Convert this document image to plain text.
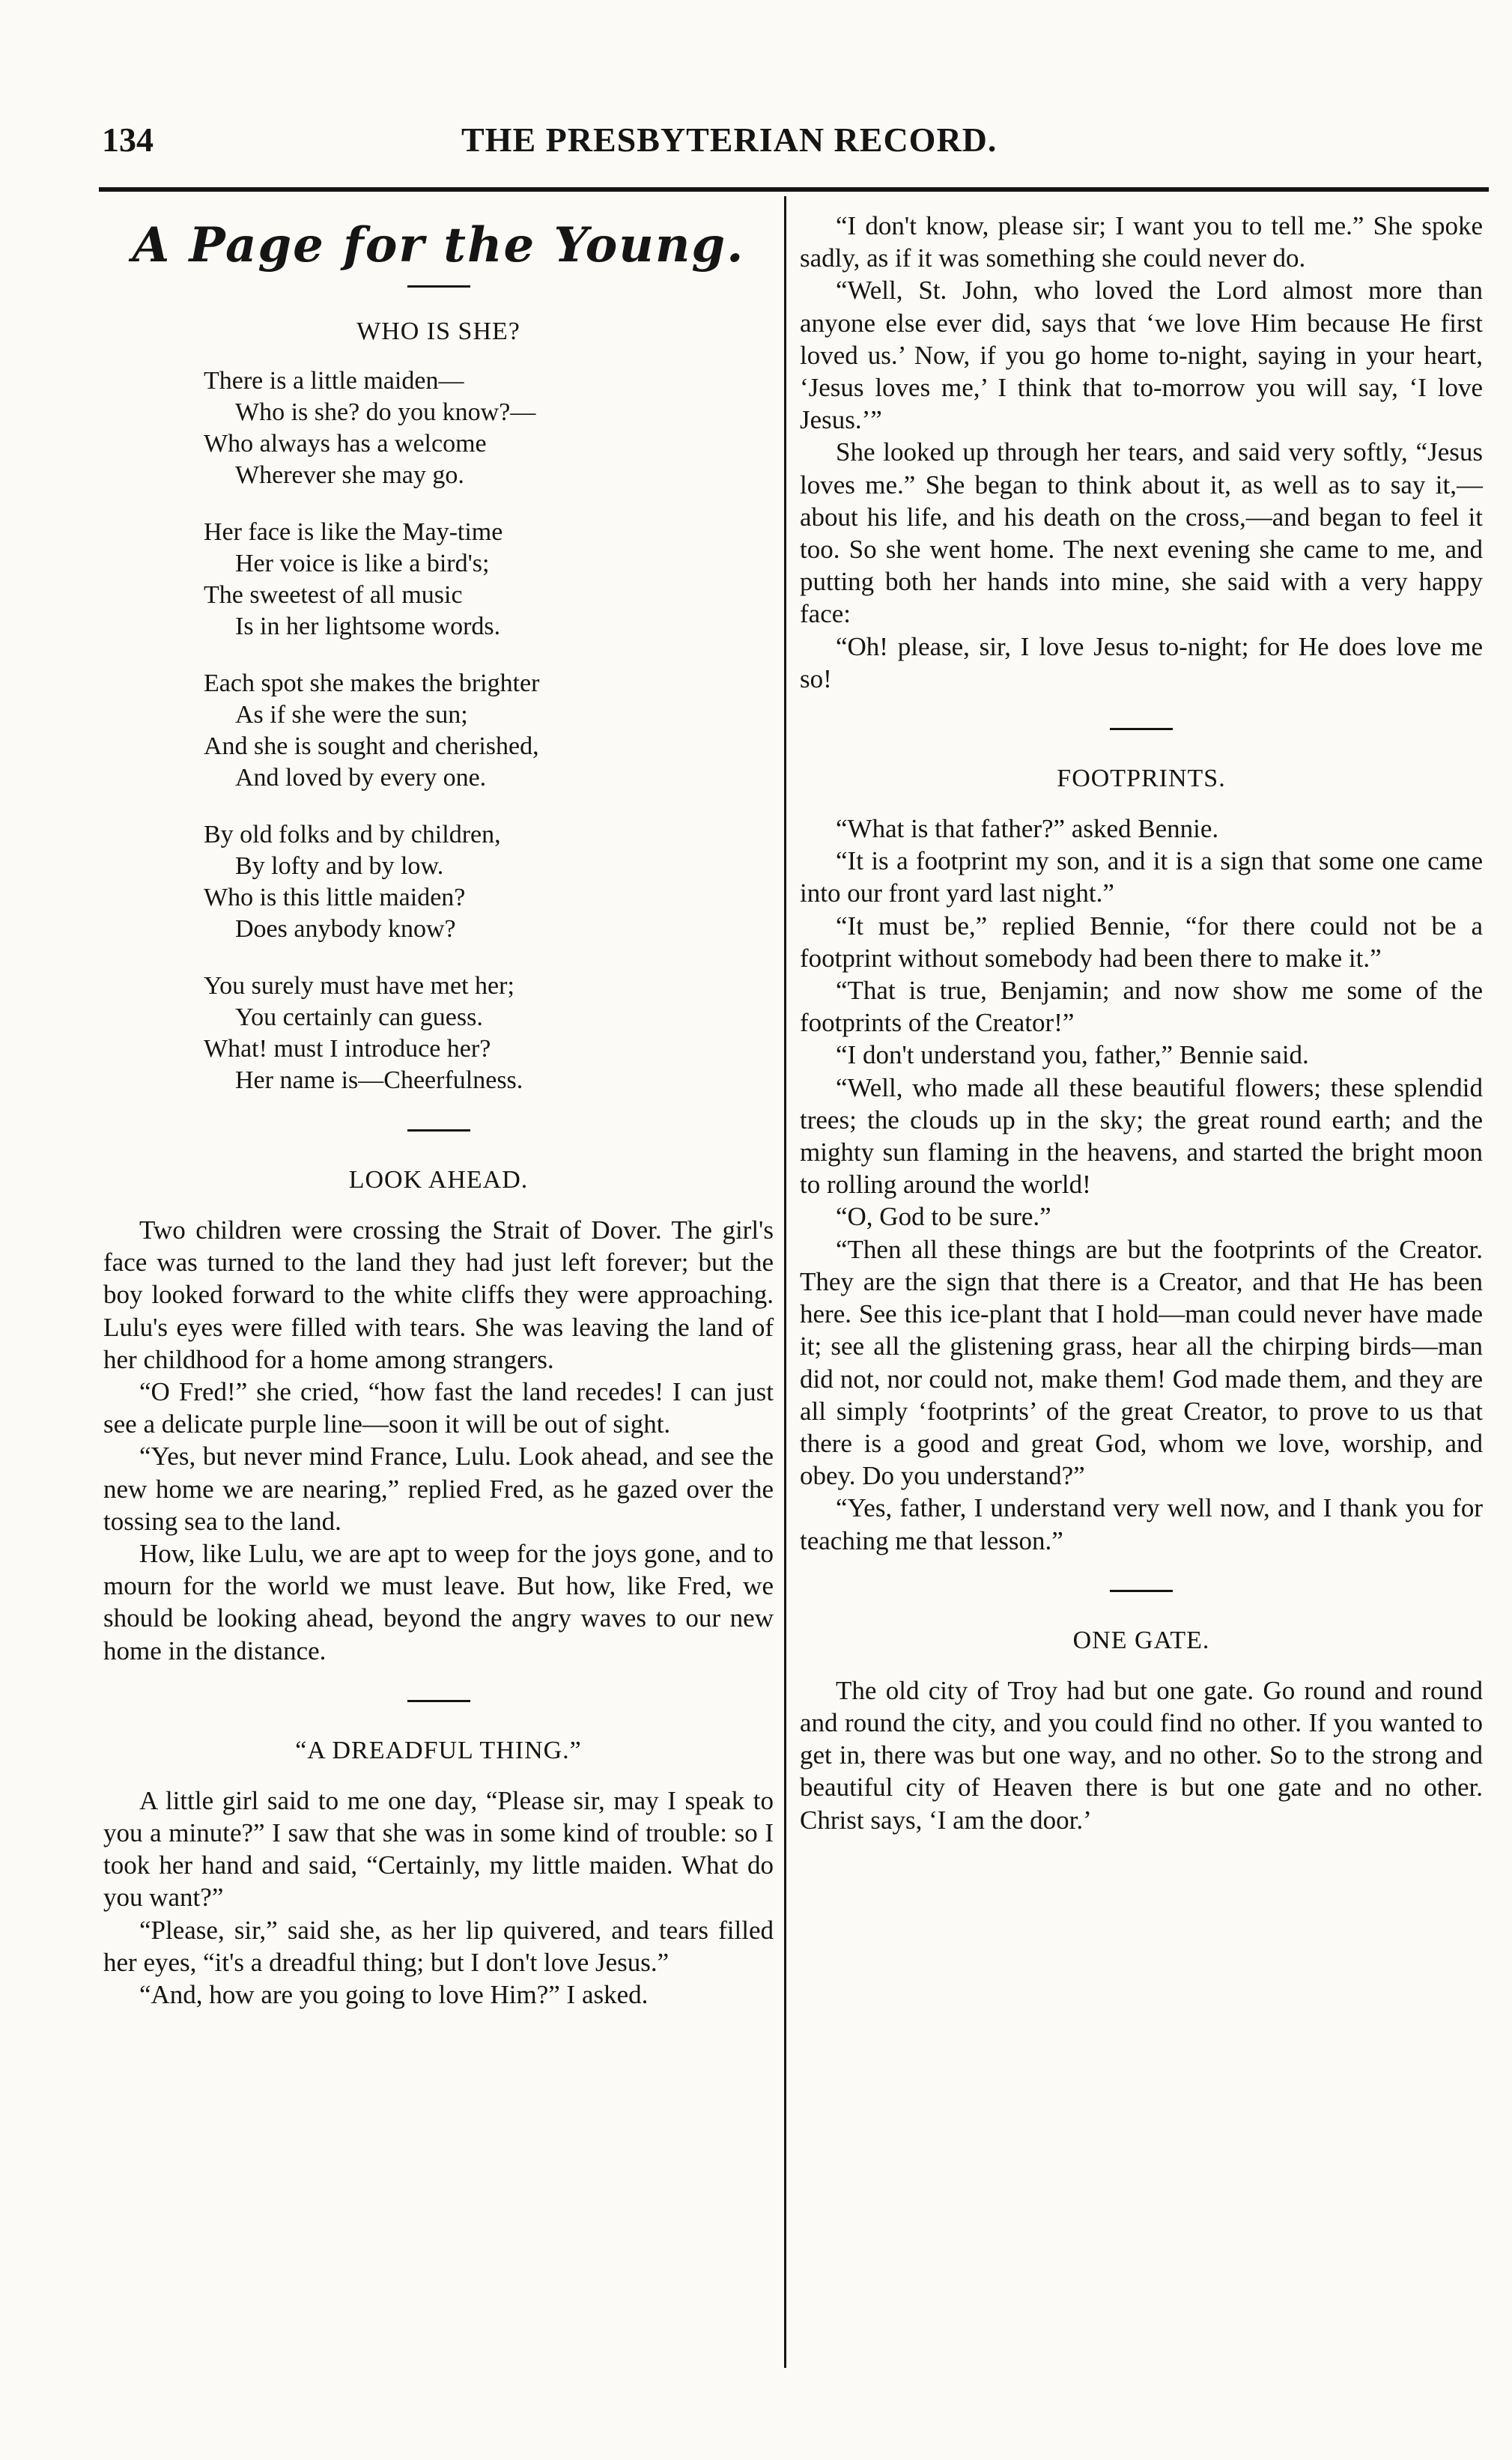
134	THE PRESBYTERIAN RECORD.
A Page for the Young.
WHO IS SHE?
There is a little maiden—
Who is she? do you know?—
Who always has a welcome
Wherever she may go.
Her face is like the May-time
Her voice is like a bird's;
The sweetest of all music
Is in her lightsome words.
Each spot she makes the brighter
As if she were the sun;
And she is sought and cherished,
And loved by every one.
By old folks and by children,
By lofty and by low.
Who is this little maiden?
Does anybody know?
You surely must have met her;
You certainly can guess.
What! must I introduce her?
Her name is—Cheerfulness.
LOOK AHEAD.

Two children were crossing the Strait of Dover. The girl's face was turned to the land they had just left forever; but the boy looked forward to the white cliffs they were approaching. Lulu's eyes were filled with tears. She was leaving the land of her childhood for a home among strangers.

“O Fred!” she cried, “how fast the land recedes! I can just see a delicate purple line—soon it will be out of sight.

“Yes, but never mind France, Lulu. Look ahead, and see the new home we are nearing,” replied Fred, as he gazed over the tossing sea to the land.

How, like Lulu, we are apt to weep for the joys gone, and to mourn for the world we must leave. But how, like Fred, we should be looking ahead, beyond the angry waves to our new home in the distance.

“A DREADFUL THING.”

A little girl said to me one day, “Please sir, may I speak to you a minute?” I saw that she was in some kind of trouble: so I took her hand and said, “Certainly, my little maiden. What do you want?”

“Please, sir,” said she, as her lip quivered, and tears filled her eyes, “it's a dreadful thing; but I don't love Jesus.”

“And, how are you going to love Him?” I asked.

“I don't know, please sir; I want you to tell me.” She spoke sadly, as if it was something she could never do.

“Well, St. John, who loved the Lord almost more than anyone else ever did, says that ‘we love Him because He first loved us.’ Now, if you go home to-night, saying in your heart, ‘Jesus loves me,’ I think that to-morrow you will say, ‘I love Jesus.’”

She looked up through her tears, and said very softly, “Jesus loves me.” She began to think about it, as well as to say it,—about his life, and his death on the cross,—and began to feel it too. So she went home. The next evening she came to me, and putting both her hands into mine, she said with a very happy face:

“Oh! please, sir, I love Jesus to-night; for He does love me so!

FOOTPRINTS.

“What is that father?” asked Bennie.

“It is a footprint my son, and it is a sign that some one came into our front yard last night.”

“It must be,” replied Bennie, “for there could not be a footprint without somebody had been there to make it.”

“That is true, Benjamin; and now show me some of the footprints of the Creator!”

“I don't understand you, father,” Bennie said.

“Well, who made all these beautiful flowers; these splendid trees; the clouds up in the sky; the great round earth; and the mighty sun flaming in the heavens, and started the bright moon to rolling around the world!

“O, God to be sure.”

“Then all these things are but the footprints of the Creator. They are the sign that there is a Creator, and that He has been here. See this ice-plant that I hold—man could never have made it; see all the glistening grass, hear all the chirping birds—man did not, nor could not, make them! God made them, and they are all simply ‘footprints’ of the great Creator, to prove to us that there is a good and great God, whom we love, worship, and obey. Do you understand?”

“Yes, father, I understand very well now, and I thank you for teaching me that lesson.”

ONE GATE.

The old city of Troy had but one gate. Go round and round and round the city, and you could find no other. If you wanted to get in, there was but one way, and no other. So to the strong and beautiful city of Heaven there is but one gate and no other. Christ says, ‘I am the door.’
